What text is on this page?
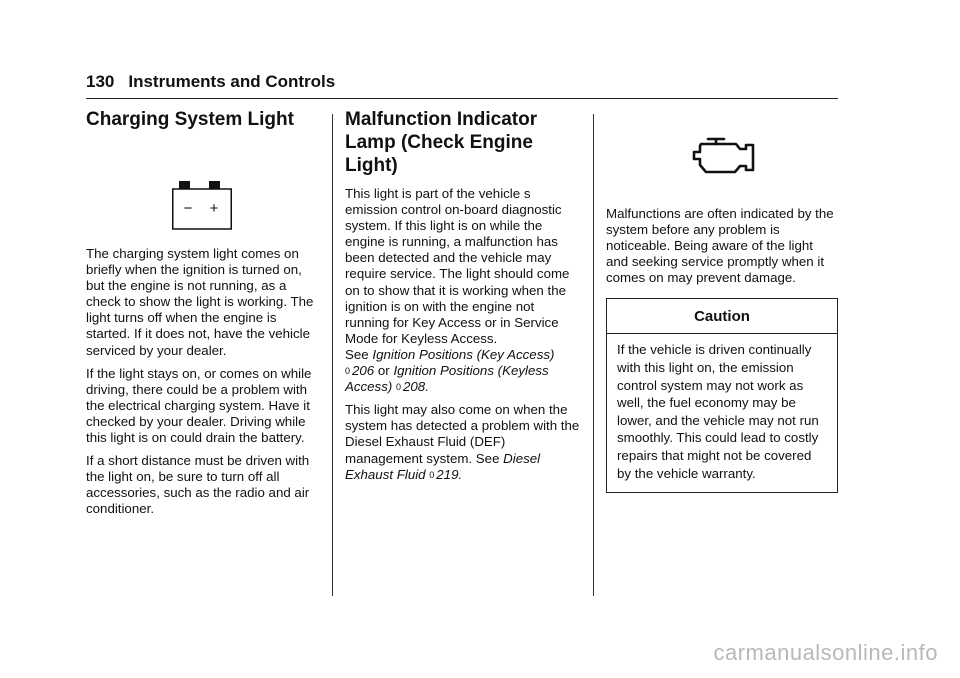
130 Instruments and Controls
Charging System Light
− +

The charging system light comes on briefly when the ignition is turned on, but the engine is not running, as a check to show the light is working. The light turns off when the engine is started. If it does not, have the vehicle serviced by your dealer.

If the light stays on, or comes on while driving, there could be a problem with the electrical charging system. Have it checked by your dealer. Driving while this light is on could drain the battery.

If a short distance must be driven with the light on, be sure to turn off all accessories, such as the radio and air conditioner.

Malfunction Indicator Lamp (Check Engine Light)

This light is part of the vehicle s emission control on-board diagnostic system. If this light is on while the engine is running, a malfunction has been detected and the vehicle may require service. The light should come on to show that it is working when the ignition is on with the engine not running for Key Access or in Service Mode for Keyless Access.

See Ignition Positions (Key Access)
0 206 or Ignition Positions (Keyless Access) 0 208.

This light may also come on when the system has detected a problem with the Diesel Exhaust Fluid (DEF) management system. See Diesel Exhaust Fluid 0 219.

Malfunctions are often indicated by the system before any problem is noticeable. Being aware of the light and seeking service promptly when it comes on may prevent damage.

Caution
If the vehicle is driven continually with this light on, the emission control system may not work as well, the fuel economy may be lower, and the vehicle may not run smoothly. This could lead to costly repairs that might not be covered by the vehicle warranty.
carmanualsonline.info
